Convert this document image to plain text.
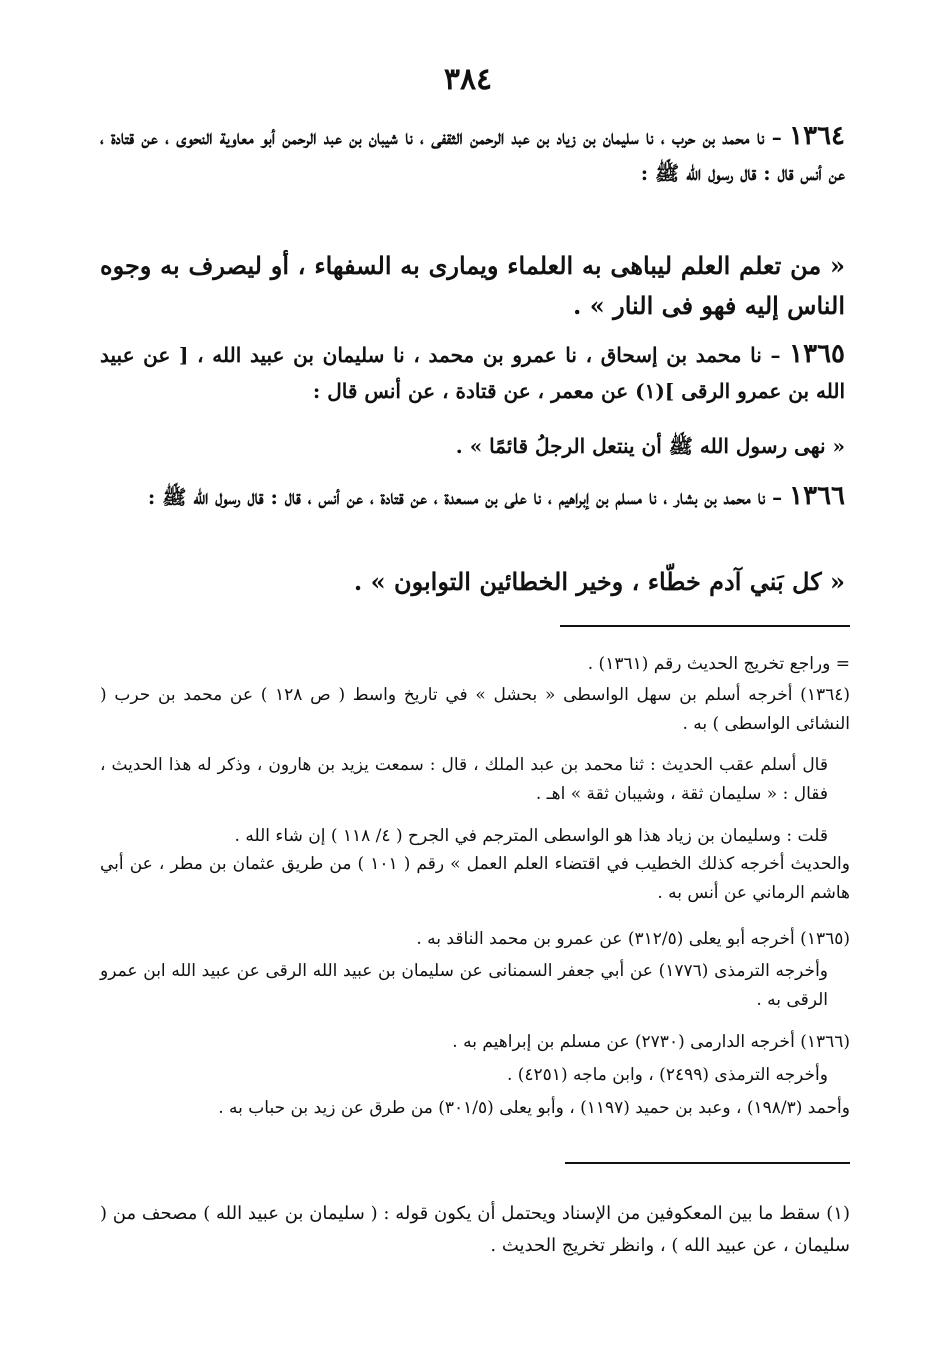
٣٨٤
١٣٦٤ – نا محمد بن حرب ، نا سليمان بن زياد بن عبد الرحمن الثقفى ، نا شيبان بن عبد الرحمن أبو معاوية النحوى ، عن قتادة ، عن أنس قال : قال رسول الله ﷺ :
« من تعلم العلم ليباهى به العلماء ويمارى به السفهاء ، أو ليصرف به وجوه الناس إليه فهو فى النار » .
١٣٦٥ – نا محمد بن إسحاق ، نا عمرو بن محمد ، نا سليمان بن عبيد الله ، [ عن عبيد الله بن عمرو الرقى ](١) عن معمر ، عن قتادة ، عن أنس قال :
« نهى رسول الله ﷺ أن ينتعل الرجلُ قائمًا » .
١٣٦٦ – نا محمد بن بشار ، نا مسلم بن إبراهيم ، نا على بن مسعدة ، عن قتادة ، عن أنس ، قال : قال رسول الله ﷺ :
« كل بَني آدم خطّاء ، وخير الخطائين التوابون » .
= وراجع تخريج الحديث رقم (١٣٦١) .
(١٣٦٤) أخرجه أسلم بن سهل الواسطى « بحشل » في تاريخ واسط ( ص ١٢٨ ) عن محمد بن حرب ( النشائى الواسطى ) به .
قال أسلم عقب الحديث : ثنا محمد بن عبد الملك ، قال : سمعت يزيد بن هارون ، وذكر له هذا الحديث ، فقال : « سليمان ثقة ، وشيبان ثقة » اهـ .
قلت : وسليمان بن زياد هذا هو الواسطى المترجم في الجرح ( ٤/ ١١٨ ) إن شاء الله .
والحديث أخرجه كذلك الخطيب في اقتضاء العلم العمل » رقم ( ١٠١ ) من طريق عثمان بن مطر ، عن أبي هاشم الرماني عن أنس به .
(١٣٦٥) أخرجه أبو يعلى (٣١٢/٥) عن عمرو بن محمد الناقد به .
وأخرجه الترمذى (١٧٧٦) عن أبي جعفر السمنانى عن سليمان بن عبيد الله الرقى عن عبيد الله ابن عمرو الرقى به .
(١٣٦٦) أخرجه الدارمى (٢٧٣٠) عن مسلم بن إبراهيم به .
وأخرجه الترمذى (٢٤٩٩) ، وابن ماجه (٤٢٥١) .
وأحمد (١٩٨/٣) ، وعبد بن حميد (١١٩٧) ، وأبو يعلى (٣٠١/٥) من طرق عن زيد بن حباب به .
(١) سقط ما بين المعكوفين من الإسناد ويحتمل أن يكون قوله : ( سليمان بن عبيد الله ) مصحف من ( سليمان ، عن عبيد الله ) ، وانظر تخريج الحديث .
